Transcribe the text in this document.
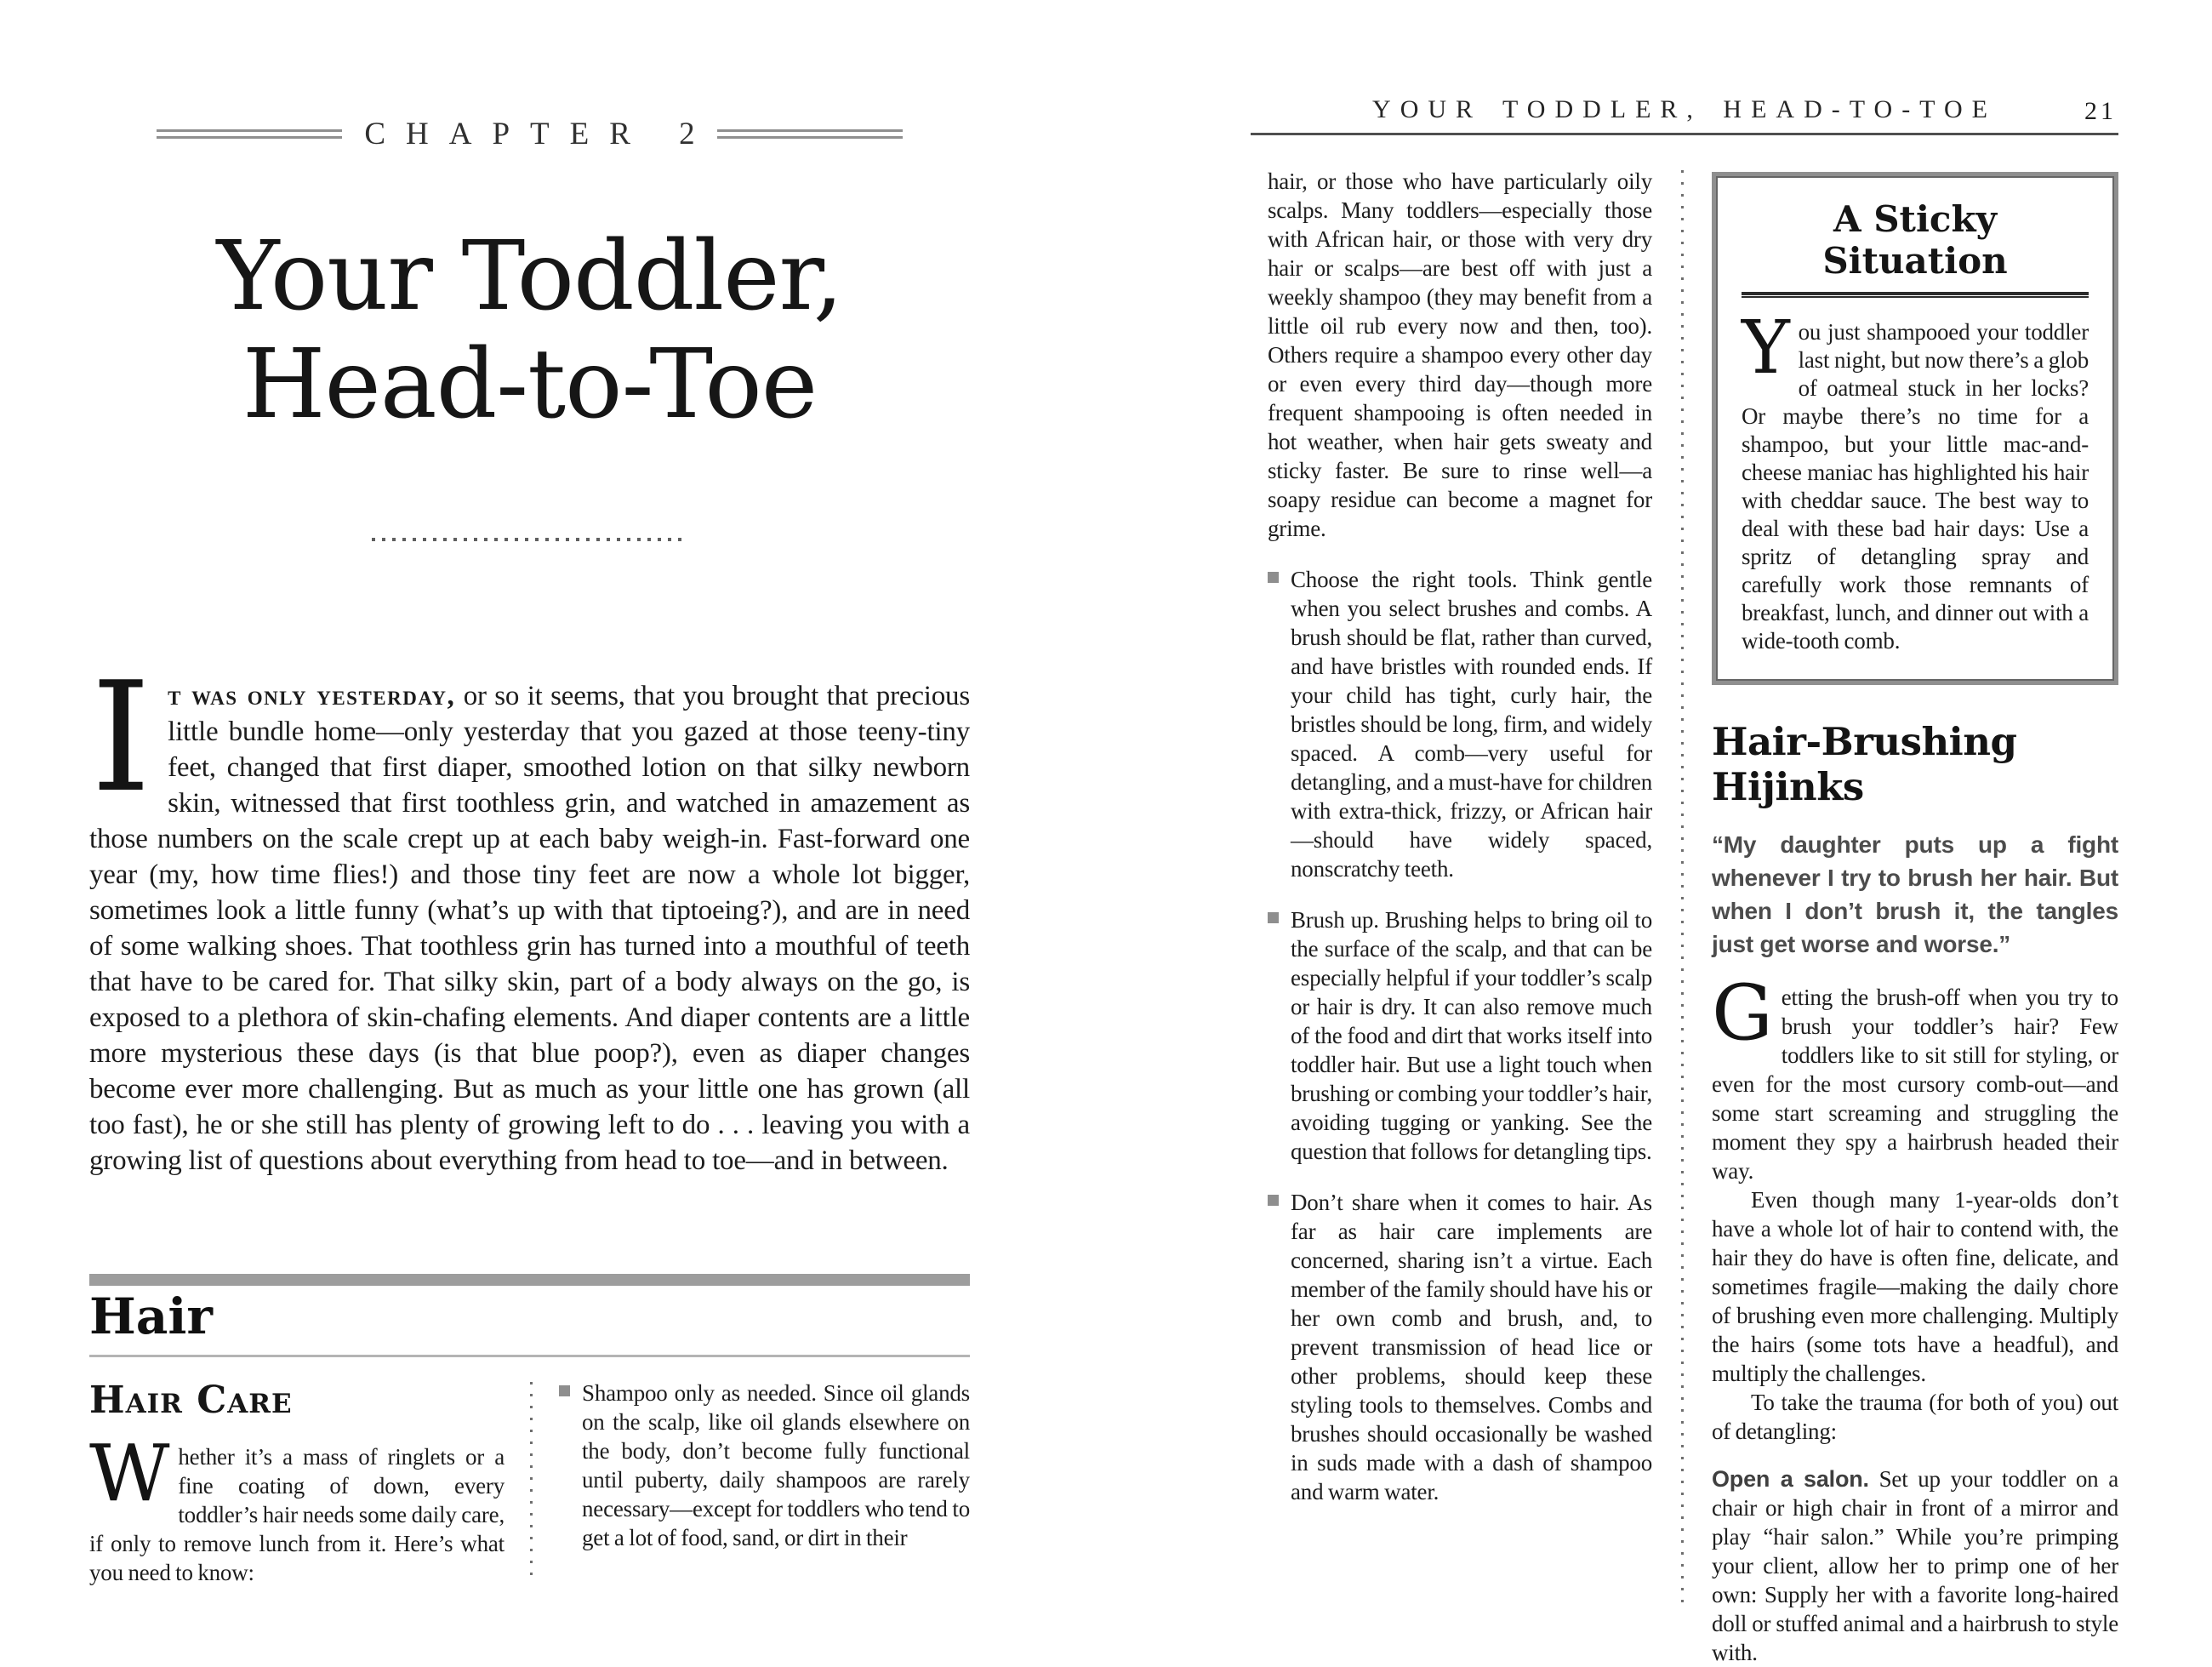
CHAPTER 2
Your Toddler,
Head-to-Toe

It was only yesterday, or so it seems, that you brought that precious little bundle home—only yesterday that you gazed at those teeny-tiny feet, changed that first diaper, smoothed lotion on that silky newborn skin, witnessed that first toothless grin, and watched in amazement as those numbers on the scale crept up at each baby weigh-in. Fast-forward one year (my, how time flies!) and those tiny feet are now a whole lot bigger, sometimes look a little funny (what’s up with that tiptoeing?), and are in need of some walking shoes. That toothless grin has turned into a mouthful of teeth that have to be cared for. That silky skin, part of a body always on the go, is exposed to a plethora of skin-chafing elements. And diaper contents are a little more mysterious these days (is that blue poop?), even as diaper changes become ever more challenging. But as much as your little one has grown (all too fast), he or she still has plenty of growing left to do . . . leaving you with a growing list of questions about everything from head to toe—and in between.

Hair
Hair Care

Whether it’s a mass of ringlets or a fine coating of down, every toddler’s hair needs some daily care, if only to remove lunch from it. Here’s what you need to know:

Shampoo only as needed. Since oil glands on the scalp, like oil glands elsewhere on the body, don’t become fully functional until puberty, daily shampoos are rarely necessary—except for toddlers who tend to get a lot of food, sand, or dirt in their

YOUR TODDLER, HEAD-TO-TOE	21

hair, or those who have particularly oily scalps. Many toddlers—especially those with African hair, or those with very dry hair or scalps—are best off with just a weekly shampoo (they may benefit from a little oil rub every now and then, too). Others require a shampoo every other day or even every third day—though more frequent shampooing is often needed in hot weather, when hair gets sweaty and sticky faster. Be sure to rinse well—a soapy residue can become a magnet for grime.

Choose the right tools. Think gentle when you select brushes and combs. A brush should be flat, rather than curved, and have bristles with rounded ends. If your child has tight, curly hair, the bristles should be long, firm, and widely spaced. A comb—very useful for detangling, and a must-have for children with extra-thick, frizzy, or African hair—should have widely spaced, nonscratchy teeth.

Brush up. Brushing helps to bring oil to the surface of the scalp, and that can be especially helpful if your toddler’s scalp or hair is dry. It can also remove much of the food and dirt that works itself into toddler hair. But use a light touch when brushing or combing your toddler’s hair, avoiding tugging or yanking. See the question that follows for detangling tips.

Don’t share when it comes to hair. As far as hair care implements are concerned, sharing isn’t a virtue. Each member of the family should have his or her own comb and brush, and, to prevent transmission of head lice or other problems, should keep these styling tools to themselves. Combs and brushes should occasionally be washed in suds made with a dash of shampoo and warm water.

A Sticky Situation

You just shampooed your toddler last night, but now there’s a glob of oatmeal stuck in her locks? Or maybe there’s no time for a shampoo, but your little mac-and-cheese maniac has highlighted his hair with cheddar sauce. The best way to deal with these bad hair days: Use a spritz of detangling spray and carefully work those remnants of breakfast, lunch, and dinner out with a wide-tooth comb.

Hair-Brushing Hijinks

“My daughter puts up a fight whenever I try to brush her hair. But when I don’t brush it, the tangles just get worse and worse.”

Getting the brush-off when you try to brush your toddler’s hair? Few toddlers like to sit still for styling, or even for the most cursory comb-out—and some start screaming and struggling the moment they spy a hairbrush headed their way.

Even though many 1-year-olds don’t have a whole lot of hair to contend with, the hair they do have is often fine, delicate, and sometimes fragile—making the daily chore of brushing even more challenging. Multiply the hairs (some tots have a headful), and multiply the challenges.

To take the trauma (for both of you) out of detangling:

Open a salon. Set up your toddler on a chair or high chair in front of a mirror and play “hair salon.” While you’re primping your client, allow her to primp one of her own: Supply her with a favorite long-haired doll or stuffed animal and a hairbrush to style with.
